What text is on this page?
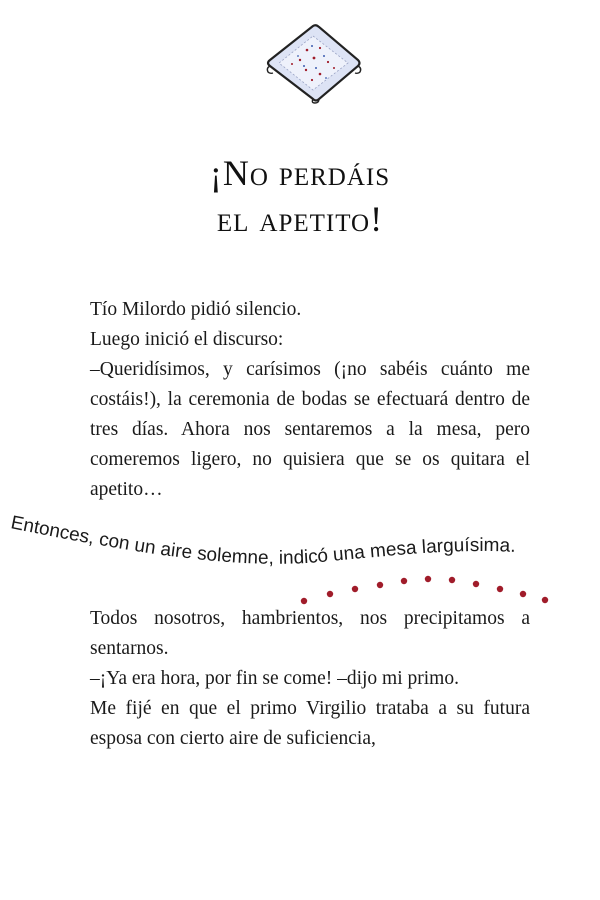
¡No perdáis
el apetito!

Tío Milordo pidió silencio.

Luego inició el discurso:

–Queridísimos, y carísimos (¡no sabéis cuánto me costáis!), la ceremonia de bodas se efectuará dentro de tres días. Ahora nos sentaremos a la mesa, pero comeremos ligero, no quisiera que se os quitara el apetito…

Entonces, con un aire solemne, indicó una mesa larguísima.

Todos nosotros, hambrientos, nos precipitamos a sentarnos.

–¡Ya era hora, por fin se come! –dijo mi primo.

Me fijé en que el primo Virgilio trataba a su futura esposa con cierto aire de suficiencia,
